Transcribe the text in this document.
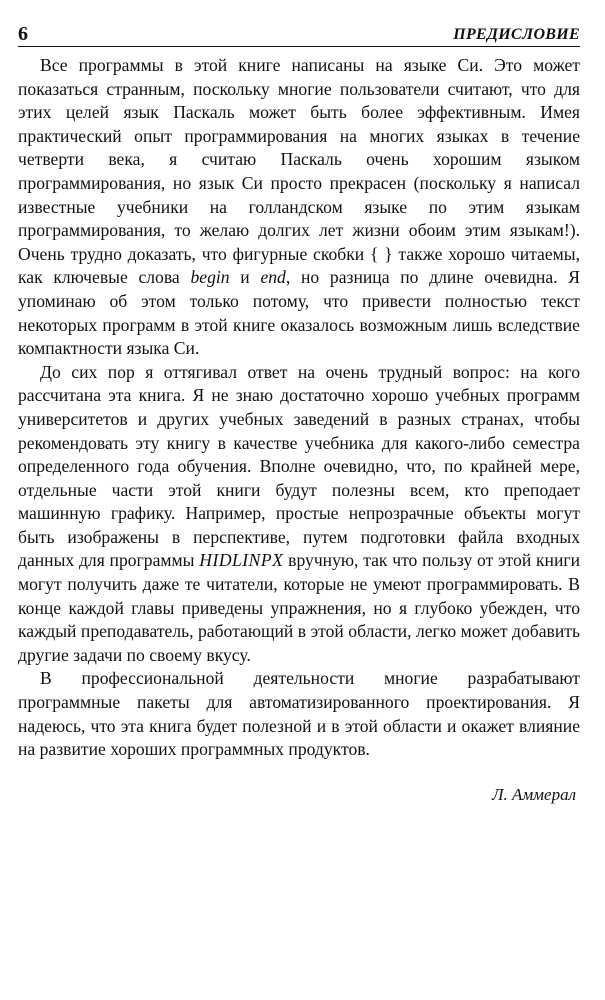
6	ПРЕДИСЛОВИЕ

Все программы в этой книге написаны на языке Си. Это может показаться странным, поскольку многие пользователи считают, что для этих целей язык Паскаль может быть более эффективным. Имея практический опыт программирования на многих языках в течение четверти века, я считаю Паскаль очень хорошим языком программирования, но язык Си просто прекрасен (поскольку я написал известные учебники на голландском языке по этим языкам программирования, то желаю долгих лет жизни обоим этим языкам!). Очень трудно доказать, что фигурные скобки { } также хорошо читаемы, как ключевые слова begin и end, но разница по длине очевидна. Я упоминаю об этом только потому, что привести полностью текст некоторых программ в этой книге оказалось возможным лишь вследствие компактности языка Си.

До сих пор я оттягивал ответ на очень трудный вопрос: на кого рассчитана эта книга. Я не знаю достаточно хорошо учебных программ университетов и других учебных заведений в разных странах, чтобы рекомендовать эту книгу в качестве учебника для какого-либо семестра определенного года обучения. Вполне очевидно, что, по крайней мере, отдельные части этой книги будут полезны всем, кто преподает машинную графику. Например, простые непрозрачные объекты могут быть изображены в перспективе, путем подготовки файла входных данных для программы HIDLINPX вручную, так что пользу от этой книги могут получить даже те читатели, которые не умеют программировать. В конце каждой главы приведены упражнения, но я глубоко убежден, что каждый преподаватель, работающий в этой области, легко может добавить другие задачи по своему вкусу.

В профессиональной деятельности многие разрабатывают программные пакеты для автоматизированного проектирования. Я надеюсь, что эта книга будет полезной и в этой области и окажет влияние на развитие хороших программных продуктов.

Л. Аммерал
